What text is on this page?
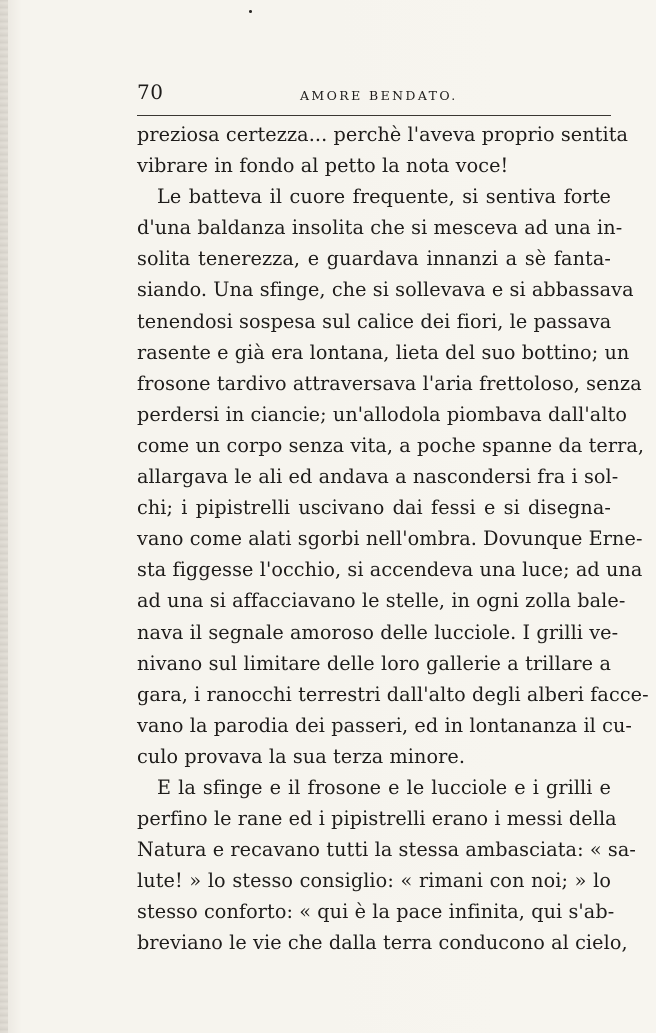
70	AMORE BENDATO.
preziosa certezza... perchè l'aveva proprio sentita
vibrare in fondo al petto la nota voce!
Le batteva il cuore frequente, si sentiva forte
d'una baldanza insolita che si mesceva ad una in-
solita tenerezza, e guardava innanzi a sè fanta-
siando. Una sfinge, che si sollevava e si abbassava
tenendosi sospesa sul calice dei fiori, le passava
rasente e già era lontana, lieta del suo bottino; un
frosone tardivo attraversava l'aria frettoloso, senza
perdersi in ciancie; un'allodola piombava dall'alto
come un corpo senza vita, a poche spanne da terra,
allargava le ali ed andava a nascondersi fra i sol-
chi; i pipistrelli uscivano dai fessi e si disegna-
vano come alati sgorbi nell'ombra. Dovunque Erne-
sta figgesse l'occhio, si accendeva una luce; ad una
ad una si affacciavano le stelle, in ogni zolla bale-
nava il segnale amoroso delle lucciole. I grilli ve-
nivano sul limitare delle loro gallerie a trillare a
gara, i ranocchi terrestri dall'alto degli alberi facce-
vano la parodia dei passeri, ed in lontananza il cu-
culo provava la sua terza minore.
E la sfinge e il frosone e le lucciole e i grilli e
perfino le rane ed i pipistrelli erano i messi della
Natura e recavano tutti la stessa ambasciata: « sa-
lute! » lo stesso consiglio: « rimani con noi; » lo
stesso conforto: « qui è la pace infinita, qui s'ab-
breviano le vie che dalla terra conducono al cielo,
